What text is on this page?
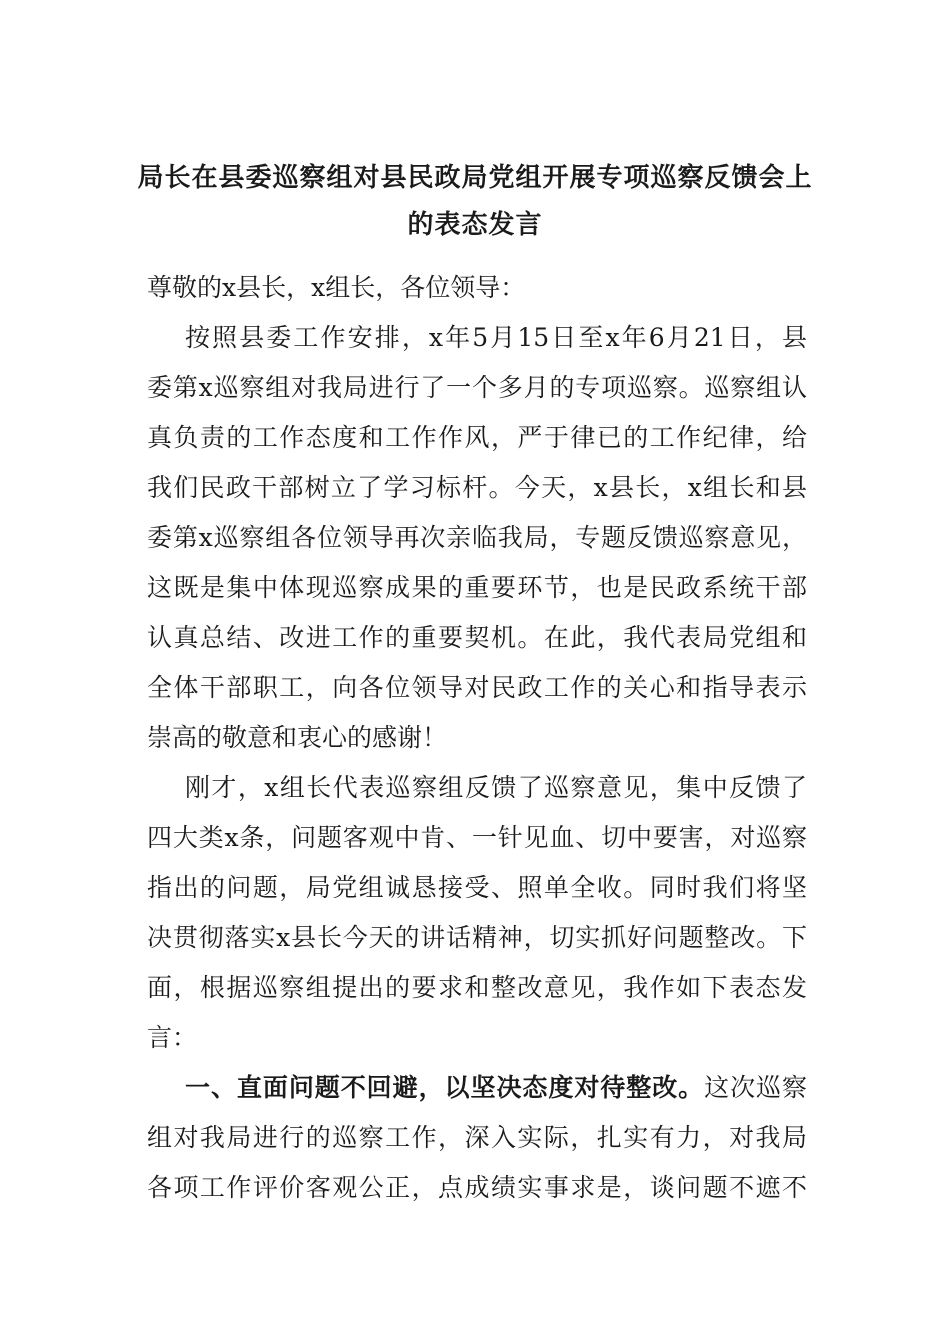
局长在县委巡察组对县民政局党组开展专项巡察反馈会上
的表态发言
尊敬的x县长，x组长，各位领导：
按照县委工作安排，x年5月15日至x年6月21日，县
委第x巡察组对我局进行了一个多月的专项巡察。巡察组认
真负责的工作态度和工作作风，严于律已的工作纪律，给
我们民政干部树立了学习标杆。今天，x县长，x组长和县
委第x巡察组各位领导再次亲临我局，专题反馈巡察意见，
这既是集中体现巡察成果的重要环节，也是民政系统干部
认真总结、改进工作的重要契机。在此，我代表局党组和
全体干部职工，向各位领导对民政工作的关心和指导表示
崇高的敬意和衷心的感谢！
刚才，x组长代表巡察组反馈了巡察意见，集中反馈了
四大类x条，问题客观中肯、一针见血、切中要害，对巡察
指出的问题，局党组诚恳接受、照单全收。同时我们将坚
决贯彻落实x县长今天的讲话精神，切实抓好问题整改。下
面，根据巡察组提出的要求和整改意见，我作如下表态发
言：
一、直面问题不回避，以坚决态度对待整改。这次巡察
组对我局进行的巡察工作，深入实际，扎实有力，对我局
各项工作评价客观公正，点成绩实事求是，谈问题不遮不
